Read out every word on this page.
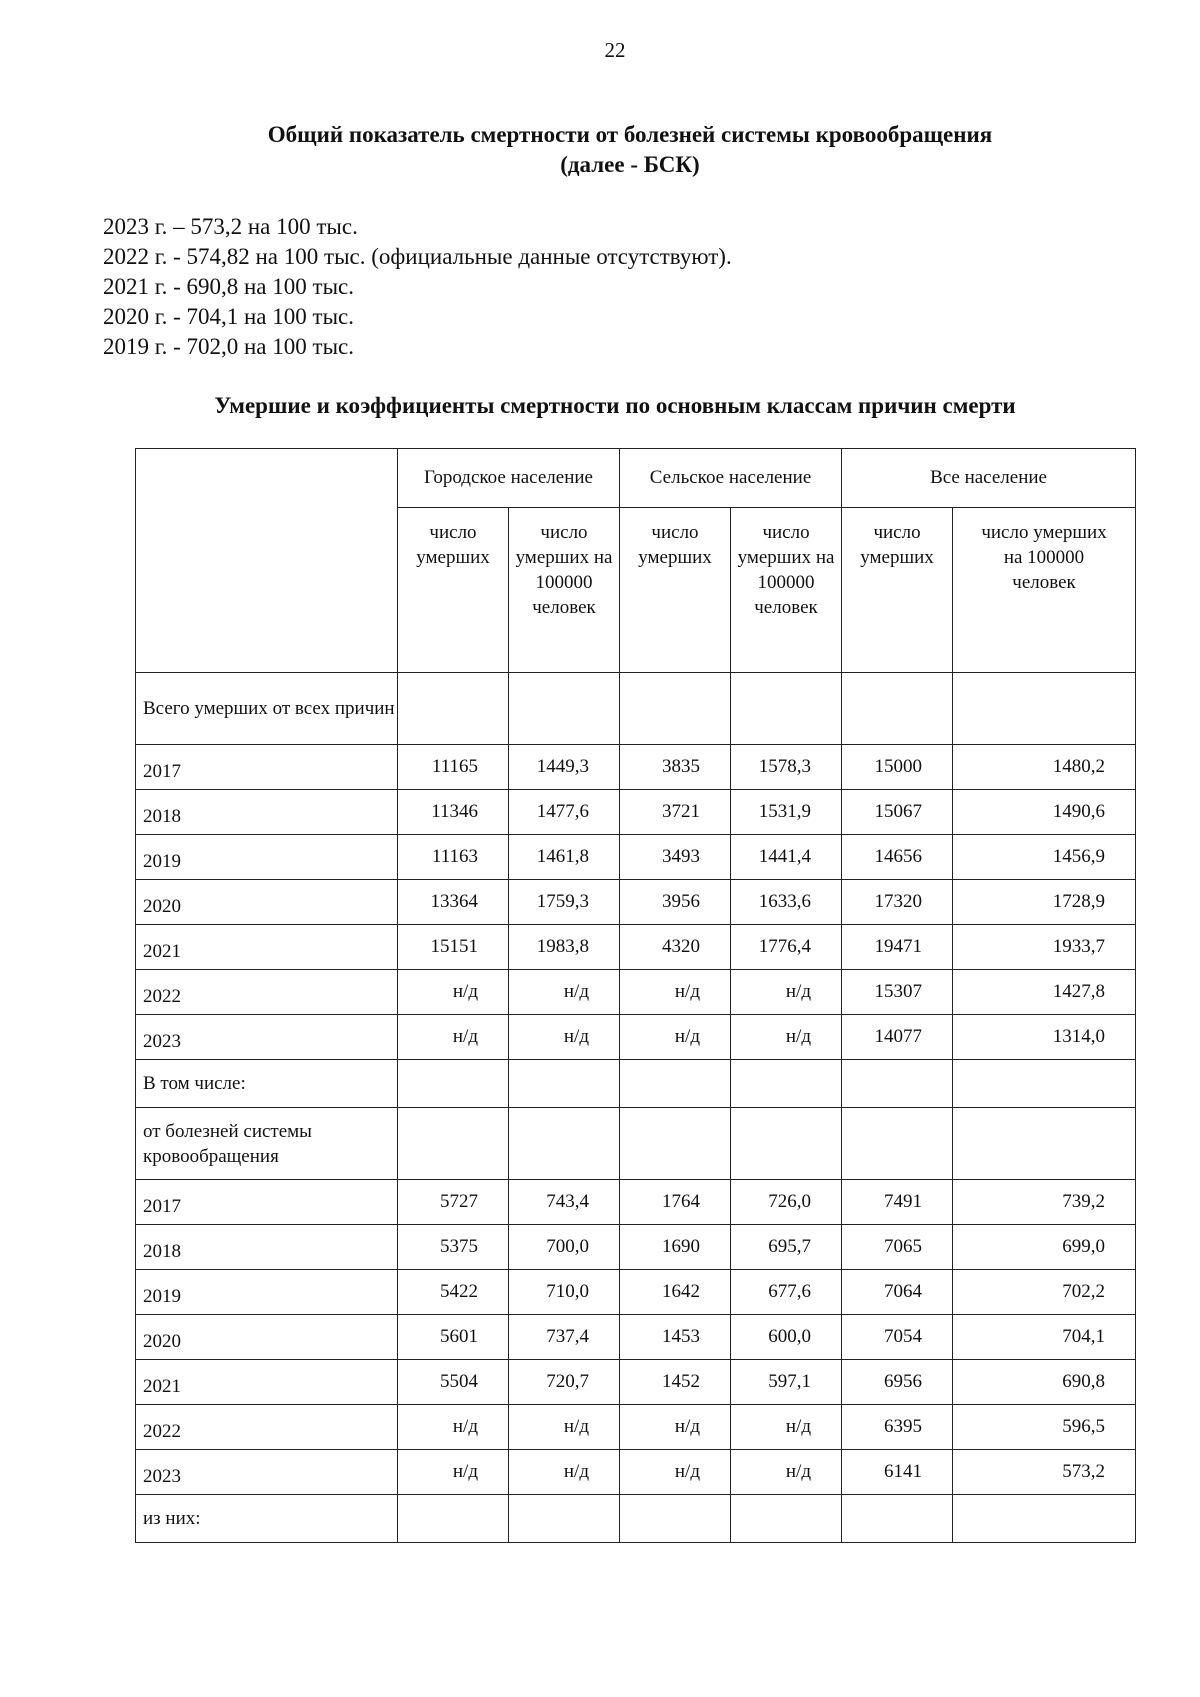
22
Общий показатель смертности от болезней системы кровообращения
(далее - БСК)
2023 г. – 573,2 на 100 тыс.
2022 г. - 574,82 на 100 тыс. (официальные данные отсутствуют).
2021 г. - 690,8 на 100 тыс.
2020 г. - 704,1 на 100 тыс.
2019 г. - 702,0 на 100 тыс.
Умершие и коэффициенты смертности по основным классам причин смерти
	Городское население		Сельское население		Все население	
	число умерших	число умерших на 100000 человек	число умерших	число умерших на 100000 человек	число умерших	число умерших на 100000 человек
Всего умерших от всех причин						
2017	11165	1449,3	3835	1578,3	15000	1480,2
2018	11346	1477,6	3721	1531,9	15067	1490,6
2019	11163	1461,8	3493	1441,4	14656	1456,9
2020	13364	1759,3	3956	1633,6	17320	1728,9
2021	15151	1983,8	4320	1776,4	19471	1933,7
2022	н/д	н/д	н/д	н/д	15307	1427,8
2023	н/д	н/д	н/д	н/д	14077	1314,0
В том числе:						
от болезней системы кровообращения						
2017	5727	743,4	1764	726,0	7491	739,2
2018	5375	700,0	1690	695,7	7065	699,0
2019	5422	710,0	1642	677,6	7064	702,2
2020	5601	737,4	1453	600,0	7054	704,1
2021	5504	720,7	1452	597,1	6956	690,8
2022	н/д	н/д	н/д	н/д	6395	596,5
2023	н/д	н/д	н/д	н/д	6141	573,2
из них:						
